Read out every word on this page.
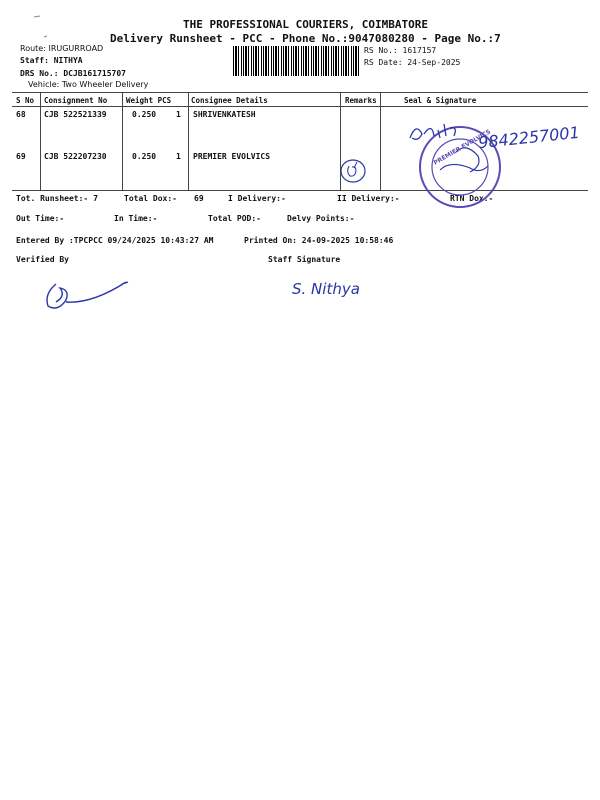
THE PROFESSIONAL COURIERS, COIMBATORE
Delivery Runsheet - PCC - Phone No.:9047080280 - Page No.:7
Route: IRUGURROAD
Staff: NITHYA
DRS No.: DCJB161715707
Vehicle: Two Wheeler Delivery
RS No.: 1617157
RS Date: 24-Sep-2025
S No Consignment No	Weight PCS	Consignee Details	Remarks	Seal & Signature
68 CJB 522521339	0.250 1 SHRIVENKATESH
69 CJB 522207230	0.250 1 PREMIER EVOLVICS
Tot. Runsheet:- 7	Total Dox:- 69	I Delivery:-	II Delivery:-	RTN Dox:-
Out Time:-	In Time:-	Total POD:-	Delvy Points:-
Entered By :TPCPCC 09/24/2025 10:43:27 AM	Printed On: 24-09-2025 10:58:46
Verified By	Staff Signature
PREMIER EVOLVICS
9842257001
S. Nithya
